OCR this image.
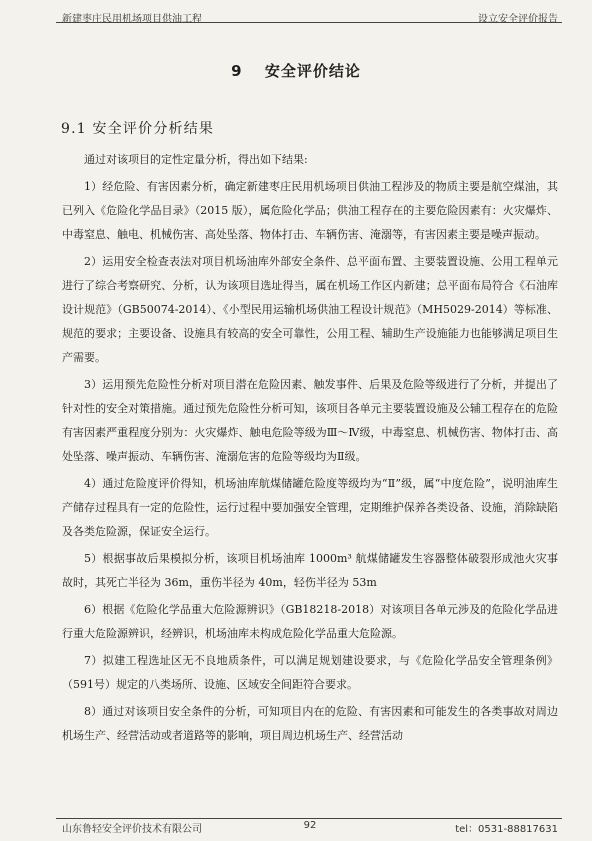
新建枣庄民用机场项目供油工程	设立安全评价报告
9 安全评价结论
9.1 安全评价分析结果

通过对该项目的定性定量分析，得出如下结果:

1）经危险、有害因素分析，确定新建枣庄民用机场项目供油工程涉及的物质主要是航空煤油，其已列入《危险化学品目录》（2015 版），属危险化学品；供油工程存在的主要危险因素有：火灾爆炸、中毒窒息、触电、机械伤害、高处坠落、物体打击、车辆伤害、淹溺等，有害因素主要是噪声振动。

2）运用安全检查表法对项目机场油库外部安全条件、总平面布置、主要装置设施、公用工程单元进行了综合考察研究、分析，认为该项目选址得当，属在机场工作区内新建；总平面布局符合《石油库设计规范》（GB50074-2014）、《小型民用运输机场供油工程设计规范》（MH5029-2014）等标准、规范的要求；主要设备、设施具有较高的安全可靠性，公用工程、辅助生产设施能力也能够满足项目生产需要。

3）运用预先危险性分析对项目潜在危险因素、触发事件、后果及危险等级进行了分析，并提出了针对性的安全对策措施。通过预先危险性分析可知，该项目各单元主要装置设施及公辅工程存在的危险有害因素严重程度分别为：火灾爆炸、触电危险等级为Ⅲ～Ⅳ级，中毒窒息、机械伤害、物体打击、高处坠落、噪声振动、车辆伤害、淹溺危害的危险等级均为Ⅱ级。

4）通过危险度评价得知，机场油库航煤储罐危险度等级均为“Ⅱ”级，属“中度危险”，说明油库生产储存过程具有一定的危险性，运行过程中要加强安全管理，定期维护保养各类设备、设施，消除缺陷及各类危险源，保证安全运行。

5）根据事故后果模拟分析，该项目机场油库 1000m³ 航煤储罐发生容器整体破裂形成池火灾事故时，其死亡半径为 36m，重伤半径为 40m，轻伤半径为 53m

6）根据《危险化学品重大危险源辨识》（GB18218-2018）对该项目各单元涉及的危险化学品进行重大危险源辨识，经辨识，机场油库未构成危险化学品重大危险源。

7）拟建工程选址区无不良地质条件，可以满足规划建设要求，与《危险化学品安全管理条例》（591号）规定的八类场所、设施、区域安全间距符合要求。

8）通过对该项目安全条件的分析，可知项目内在的危险、有害因素和可能发生的各类事故对周边机场生产、经营活动或者道路等的影响，项目周边机场生产、经营活动

山东鲁轻安全评价技术有限公司	92	tel：0531-88817631
